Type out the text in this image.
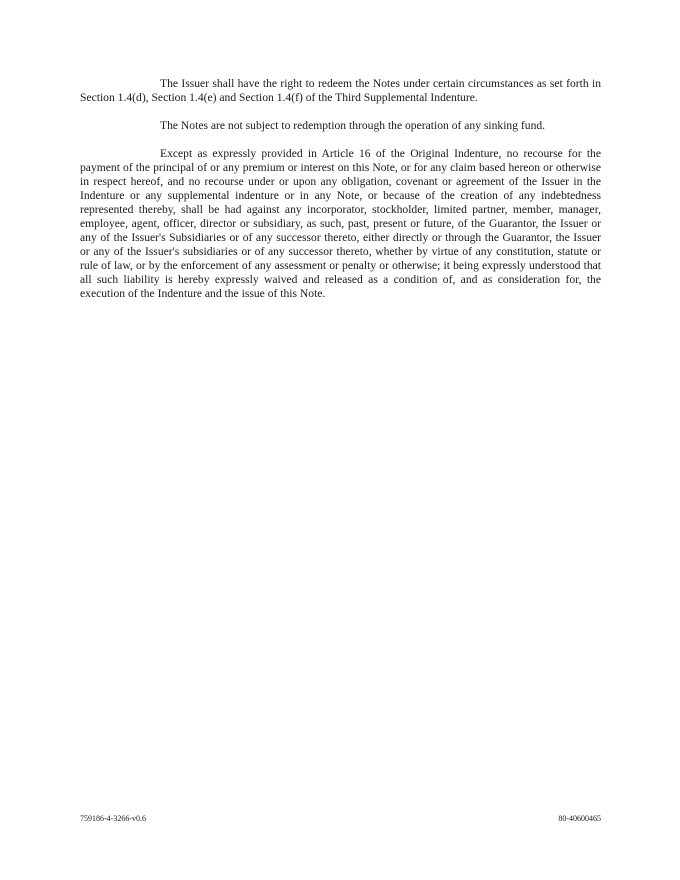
The Issuer shall have the right to redeem the Notes under certain circumstances as set forth in Section 1.4(d), Section 1.4(e) and Section 1.4(f) of the Third Supplemental Indenture.

The Notes are not subject to redemption through the operation of any sinking fund.

Except as expressly provided in Article 16 of the Original Indenture, no recourse for the payment of the principal of or any premium or interest on this Note, or for any claim based hereon or otherwise in respect hereof, and no recourse under or upon any obligation, covenant or agreement of the Issuer in the Indenture or any supplemental indenture or in any Note, or because of the creation of any indebtedness represented thereby, shall be had against any incorporator, stockholder, limited partner, member, manager, employee, agent, officer, director or subsidiary, as such, past, present or future, of the Guarantor, the Issuer or any of the Issuer's Subsidiaries or of any successor thereto, either directly or through the Guarantor, the Issuer or any of the Issuer's subsidiaries or of any successor thereto, whether by virtue of any constitution, statute or rule of law, or by the enforcement of any assessment or penalty or otherwise; it being expressly understood that all such liability is hereby expressly waived and released as a condition of, and as consideration for, the execution of the Indenture and the issue of this Note.

759186-4-3266-v0.6	80-40600465
